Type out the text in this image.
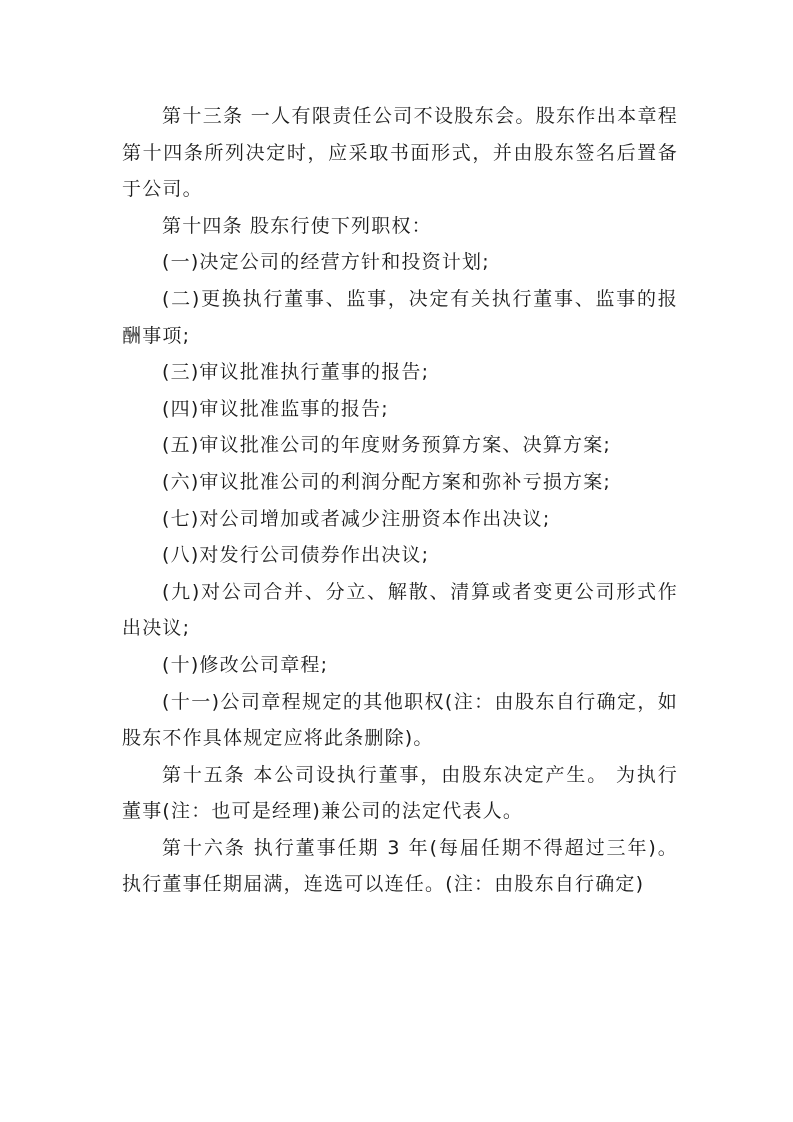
第十三条 一人有限责任公司不设股东会。股东作出本章程第十四条所列决定时，应采取书面形式，并由股东签名后置备于公司。

第十四条 股东行使下列职权：

(一)决定公司的经营方针和投资计划;

(二)更换执行董事、监事，决定有关执行董事、监事的报酬事项;

(三)审议批准执行董事的报告;

(四)审议批准监事的报告;

(五)审议批准公司的年度财务预算方案、决算方案;

(六)审议批准公司的利润分配方案和弥补亏损方案;

(七)对公司增加或者减少注册资本作出决议;

(八)对发行公司债券作出决议;

(九)对公司合并、分立、解散、清算或者变更公司形式作出决议;

(十)修改公司章程;

(十一)公司章程规定的其他职权(注：由股东自行确定，如股东不作具体规定应将此条删除)。

第十五条 本公司设执行董事，由股东决定产生。 为执行董事(注：也可是经理)兼公司的法定代表人。

第十六条 执行董事任期 3 年(每届任期不得超过三年)。执行董事任期届满，连选可以连任。(注：由股东自行确定)
